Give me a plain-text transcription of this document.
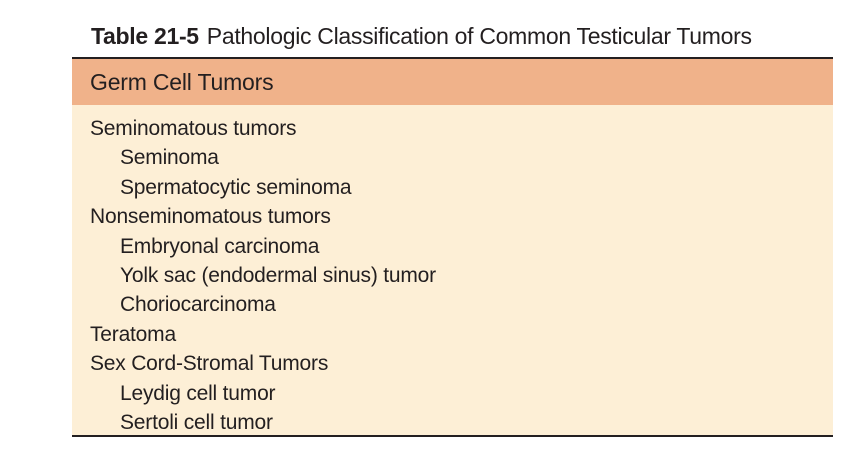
Table 21-5 Pathologic Classification of Common Testicular Tumors
Germ Cell Tumors
Seminomatous tumors
Seminoma
Spermatocytic seminoma
Nonseminomatous tumors
Embryonal carcinoma
Yolk sac (endodermal sinus) tumor
Choriocarcinoma
Teratoma
Sex Cord-Stromal Tumors
Leydig cell tumor
Sertoli cell tumor
